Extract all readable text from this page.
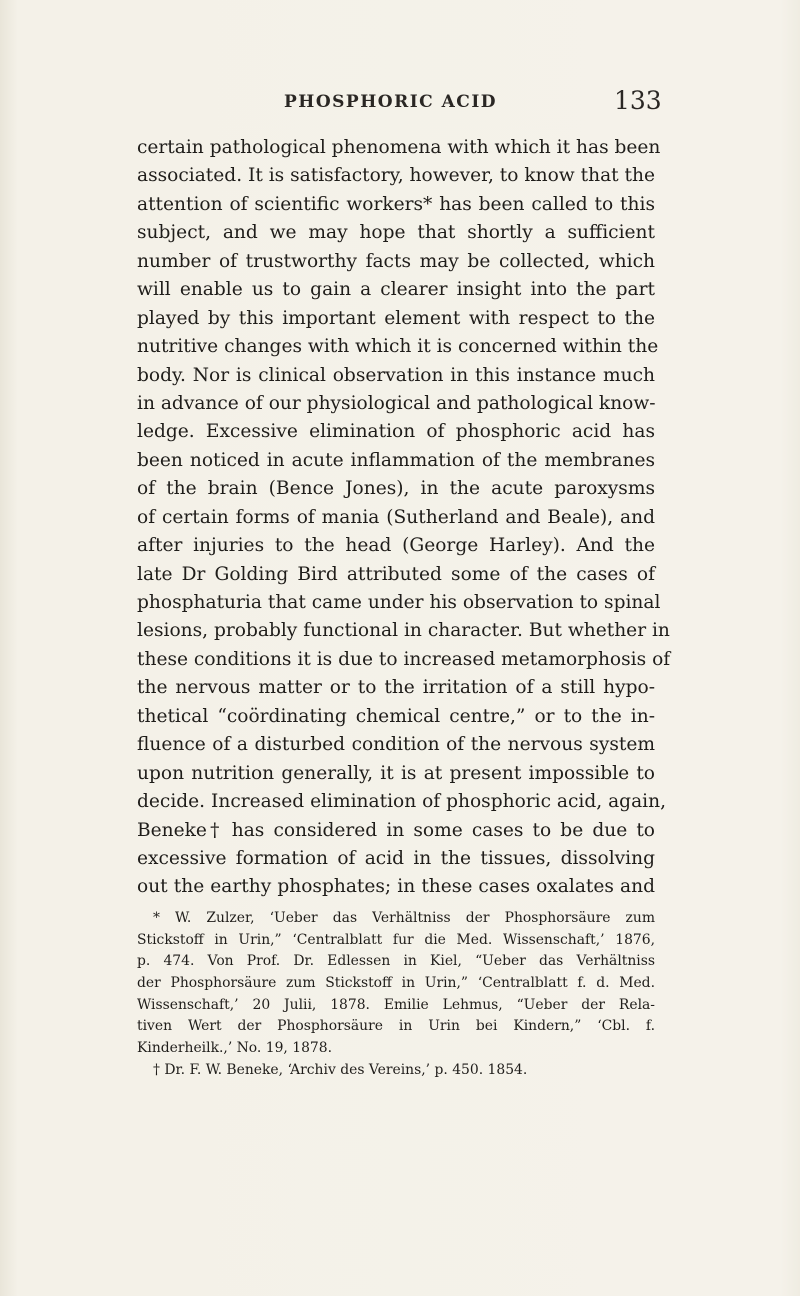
PHOSPHORIC ACID	133
certain pathological phenomena with which it has been
associated. It is satisfactory, however, to know that the
attention of scientific workers* has been called to this
subject, and we may hope that shortly a sufficient
number of trustworthy facts may be collected, which
will enable us to gain a clearer insight into the part
played by this important element with respect to the
nutritive changes with which it is concerned within the
body. Nor is clinical observation in this instance much
in advance of our physiological and pathological know-
ledge. Excessive elimination of phosphoric acid has
been noticed in acute inflammation of the membranes
of the brain (Bence Jones), in the acute paroxysms
of certain forms of mania (Sutherland and Beale), and
after injuries to the head (George Harley). And the
late Dr Golding Bird attributed some of the cases of
phosphaturia that came under his observation to spinal
lesions, probably functional in character. But whether in
these conditions it is due to increased metamorphosis of
the nervous matter or to the irritation of a still hypo-
thetical “coördinating chemical centre,” or to the in-
fluence of a disturbed condition of the nervous system
upon nutrition generally, it is at present impossible to
decide. Increased elimination of phosphoric acid, again,
Beneke† has considered in some cases to be due to
excessive formation of acid in the tissues, dissolving
out the earthy phosphates; in these cases oxalates and
* W. Zulzer, ‘Ueber das Verhältniss der Phosphorsäure zum
Stickstoff in Urin,” ‘Centralblatt fur die Med. Wissenschaft,’ 1876,
p. 474. Von Prof. Dr. Edlessen in Kiel, “Ueber das Verhältniss
der Phosphorsäure zum Stickstoff in Urin,” ‘Centralblatt f. d. Med.
Wissenschaft,’ 20 Julii, 1878. Emilie Lehmus, “Ueber der Rela-
tiven Wert der Phosphorsäure in Urin bei Kindern,” ‘Cbl. f.
Kinderheilk.,’ No. 19, 1878.
† Dr. F. W. Beneke, ‘Archiv des Vereins,’ p. 450. 1854.
